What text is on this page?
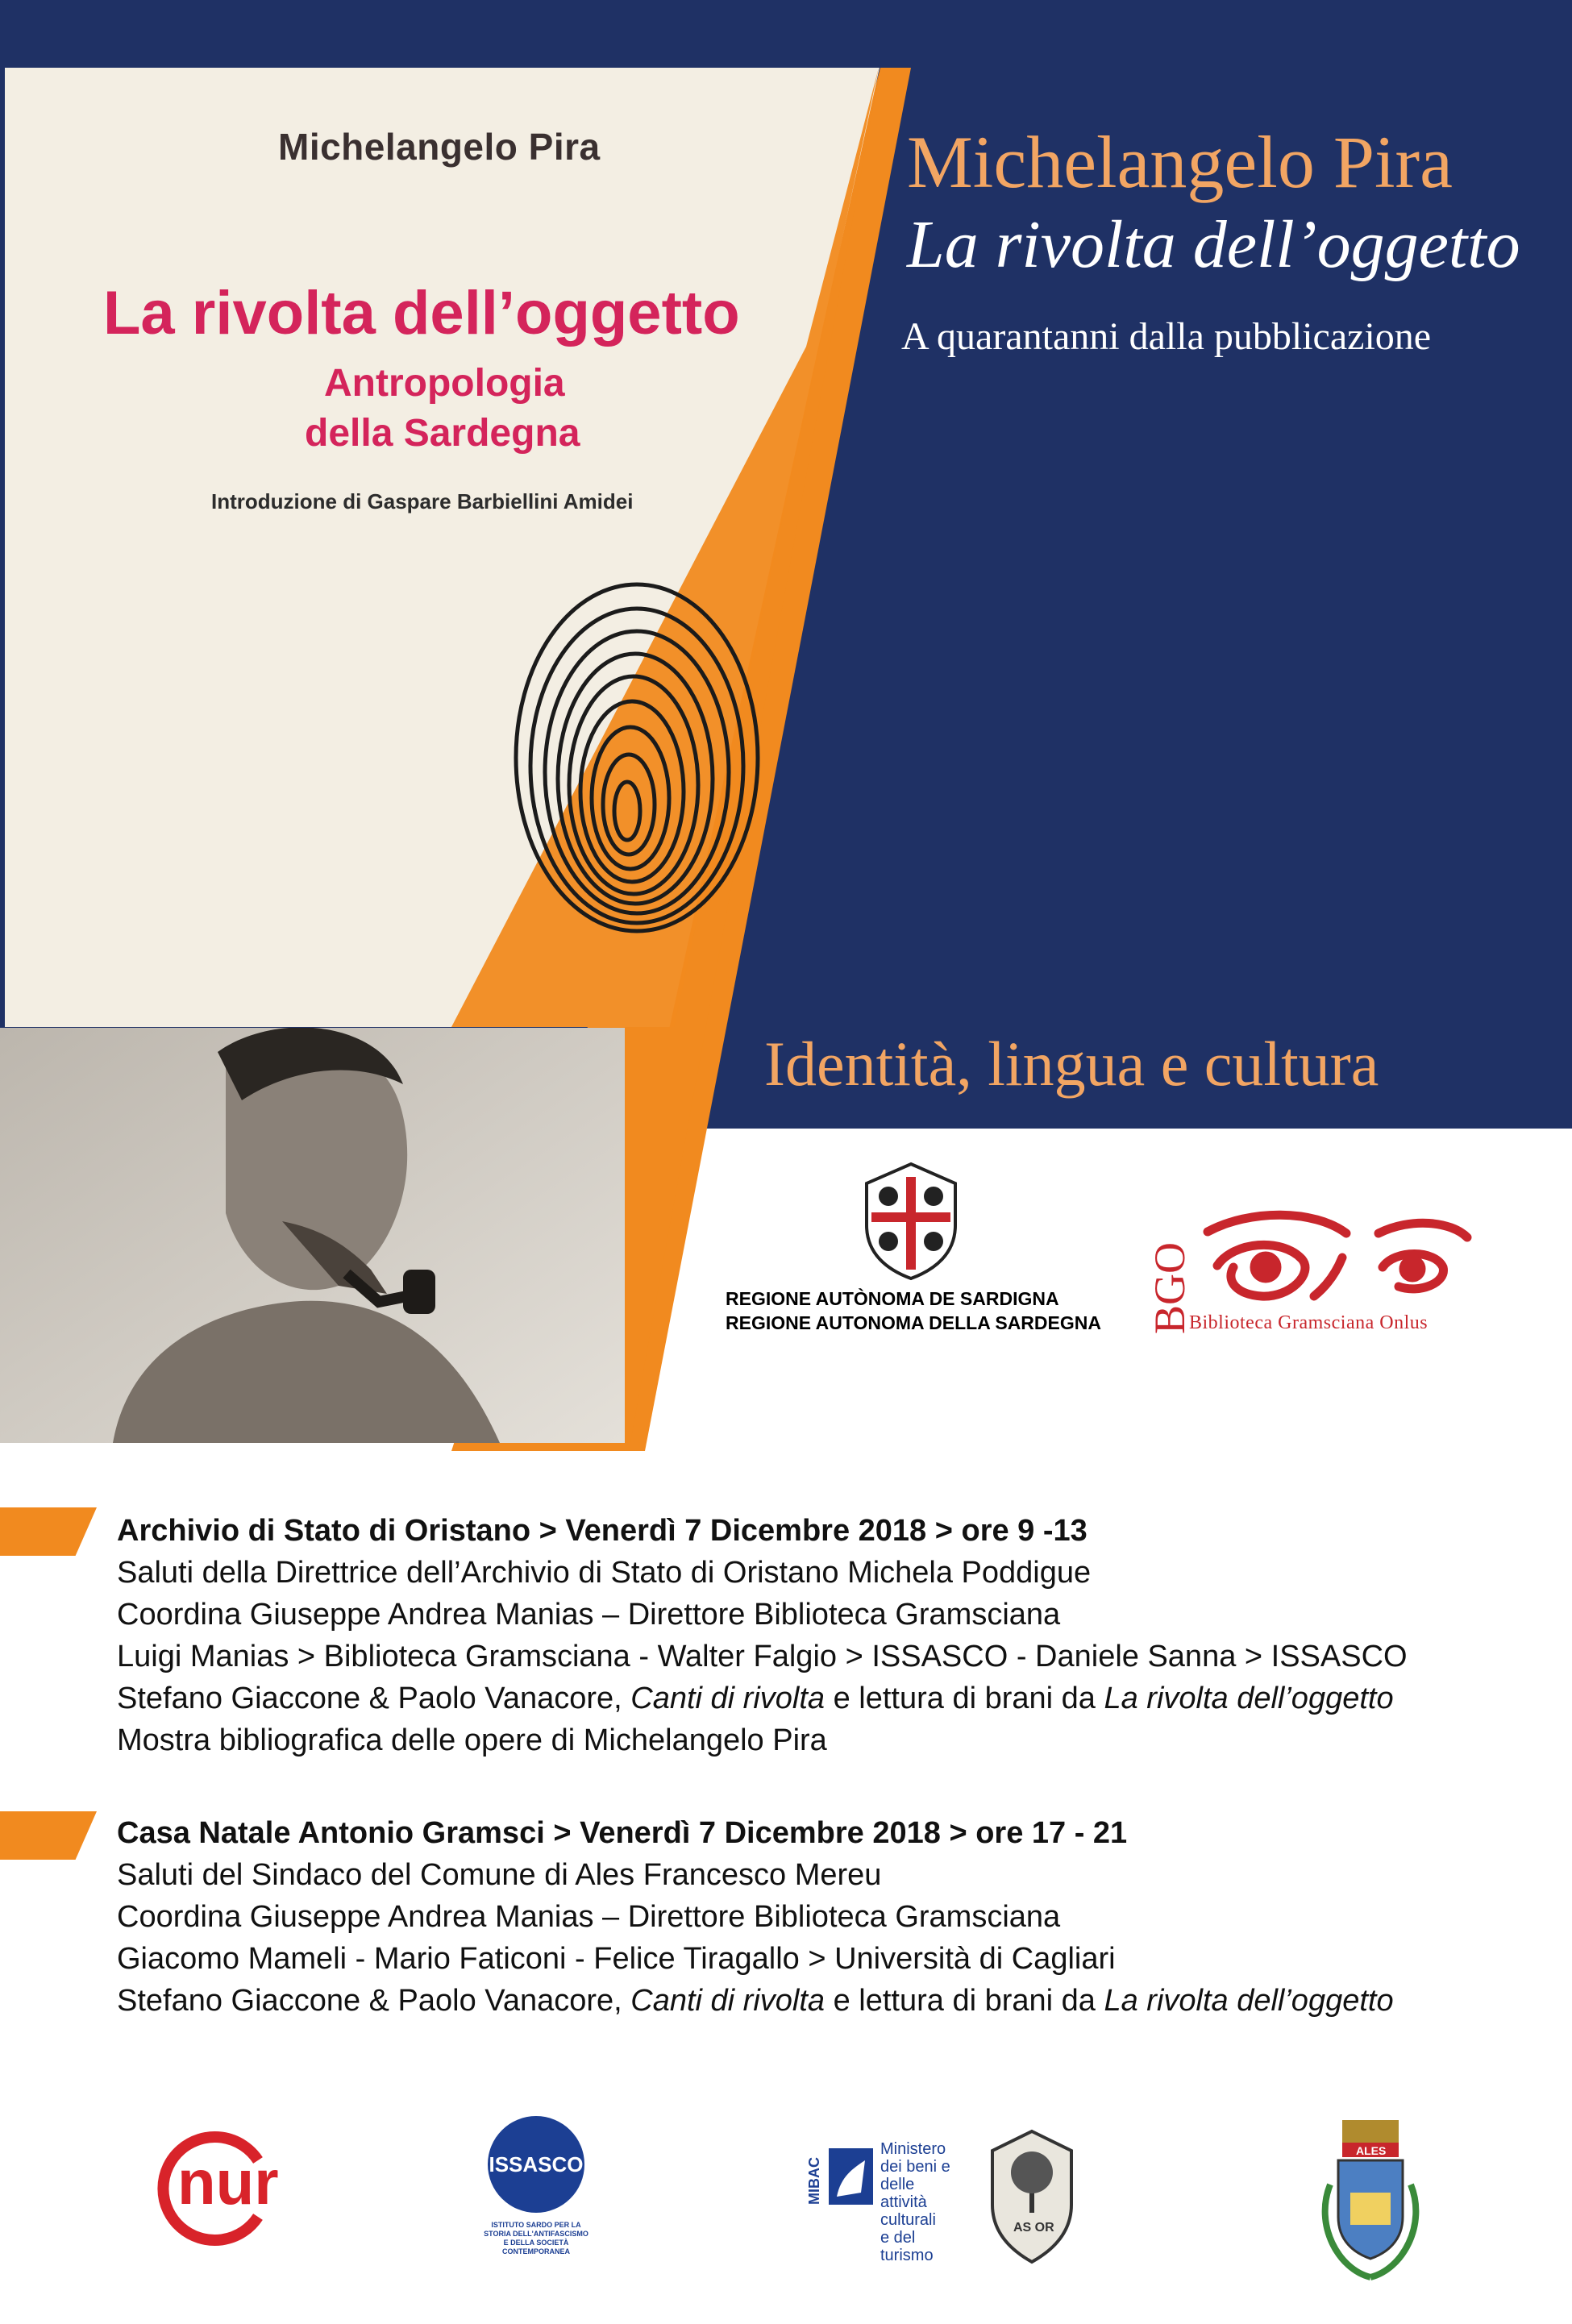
Michelangelo Pira
La rivolta dell’oggetto
Antropologia
della Sardegna
Introduzione di Gaspare Barbiellini Amidei
Michelangelo Pira
La rivolta dell’oggetto
A quarantanni dalla pubblicazione
Identità, lingua e cultura
REGIONE AUTÒNOMA DE SARDIGNA
REGIONE AUTONOMA DELLA SARDEGNA BGO
Biblioteca Gramsciana Onlus
Archivio di Stato di Oristano > Venerdì 7 Dicembre 2018 > ore 9 -13
Saluti della Direttrice dell’Archivio di Stato di Oristano Michela Poddigue
Coordina Giuseppe Andrea Manias – Direttore Biblioteca Gramsciana
Luigi Manias > Biblioteca Gramsciana - Walter Falgio > ISSASCO - Daniele Sanna > ISSASCO
Stefano Giaccone & Paolo Vanacore, Canti di rivolta e lettura di brani da La rivolta dell’oggetto
Mostra bibliografica delle opere di Michelangelo Pira
Casa Natale Antonio Gramsci > Venerdì 7 Dicembre 2018 > ore 17 - 21
Saluti del Sindaco del Comune di Ales Francesco Mereu
Coordina Giuseppe Andrea Manias – Direttore Biblioteca Gramsciana
Giacomo Mameli - Mario Faticoni - Felice Tiragallo > Università di Cagliari
Stefano Giaccone & Paolo Vanacore, Canti di rivolta e lettura di brani da La rivolta dell’oggetto
nur	ISSASCO
ISTITUTO SARDO PER LA STORIA DELL'ANTIFASCISMO E DELLA SOCIETÀ CONTEMPORANEA
MIBAC
Ministero
dei beni e delle
attività culturali
e del turismo
AS OR
ALES
